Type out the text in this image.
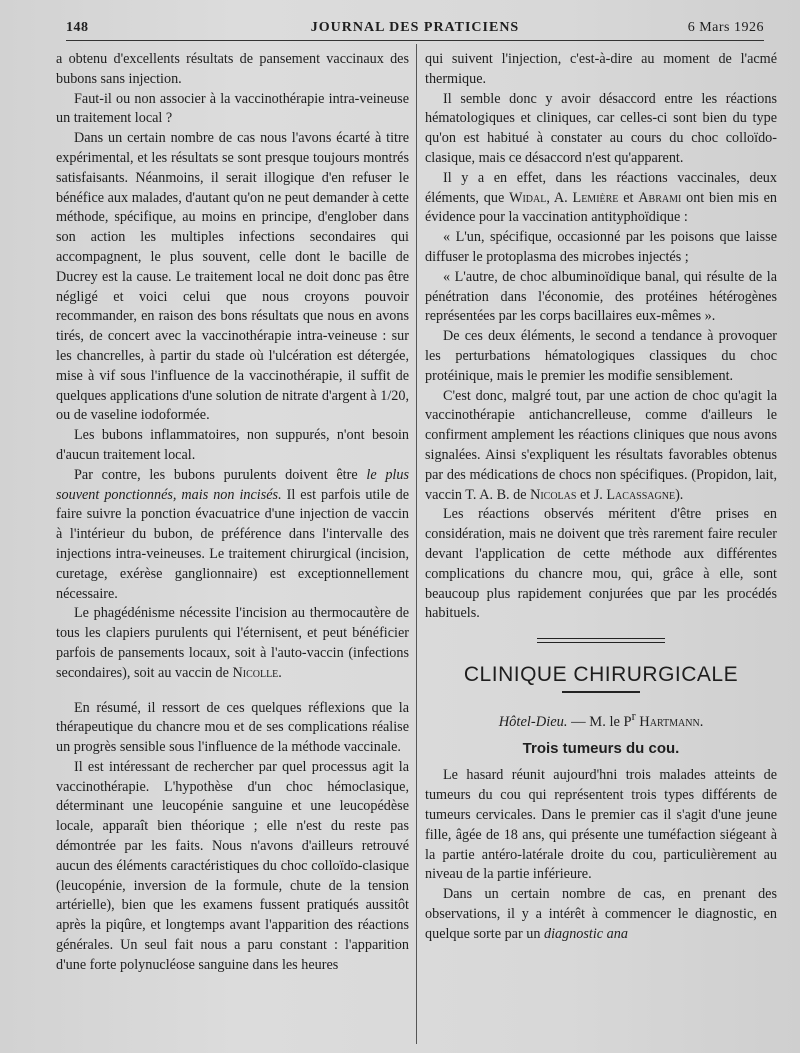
148	JOURNAL DES PRATICIENS	6 Mars 1926

a obtenu d'excellents résultats de pansement vaccinaux des bubons sans injection.

Faut-il ou non associer à la vaccinothérapie intra-veineuse un traitement local ?

Dans un certain nombre de cas nous l'avons écarté à titre expérimental, et les résultats se sont presque toujours montrés satisfaisants. Néanmoins, il serait illogique d'en refuser le bénéfice aux malades, d'autant qu'on ne peut demander à cette méthode, spécifique, au moins en principe, d'englober dans son action les multiples infections secondaires qui accompagnent, le plus souvent, celle dont le bacille de Ducrey est la cause. Le traitement local ne doit donc pas être négligé et voici celui que nous croyons pouvoir recommander, en raison des bons résultats que nous en avons tirés, de concert avec la vaccinothérapie intra-veineuse : sur les chancrelles, à partir du stade où l'ulcération est détergée, mise à vif sous l'influence de la vaccinothérapie, il suffit de quelques applications d'une solution de nitrate d'argent à 1/20, ou de vaseline iodoformée.

Les bubons inflammatoires, non suppurés, n'ont besoin d'aucun traitement local.

Par contre, les bubons purulents doivent être le plus souvent ponctionnés, mais non incisés. Il est parfois utile de faire suivre la ponction évacuatrice d'une injection de vaccin à l'intérieur du bubon, de préférence dans l'intervalle des injections intra-veineuses. Le traitement chirurgical (incision, curetage, exérèse ganglionnaire) est exceptionnellement nécessaire.

Le phagédénisme nécessite l'incision au thermocautère de tous les clapiers purulents qui l'éternisent, et peut bénéficier parfois de pansements locaux, soit à l'auto-vaccin (infections secondaires), soit au vaccin de Nicolle.

En résumé, il ressort de ces quelques réflexions que la thérapeutique du chancre mou et de ses complications réalise un progrès sensible sous l'influence de la méthode vaccinale.

Il est intéressant de rechercher par quel processus agit la vaccinothérapie. L'hypothèse d'un choc hémoclasique, déterminant une leucopénie sanguine et une leucopédèse locale, apparaît bien théorique ; elle n'est du reste pas démontrée par les faits. Nous n'avons d'ailleurs retrouvé aucun des éléments caractéristiques du choc colloïdo-clasique (leucopénie, inversion de la formule, chute de la tension artérielle), bien que les examens fussent pratiqués aussitôt après la piqûre, et longtemps avant l'apparition des réactions générales. Un seul fait nous a paru constant : l'apparition d'une forte polynucléose sanguine dans les heures

qui suivent l'injection, c'est-à-dire au moment de l'acmé thermique.

Il semble donc y avoir désaccord entre les réactions hématologiques et cliniques, car celles-ci sont bien du type qu'on est habitué à constater au cours du choc colloïdo-clasique, mais ce désaccord n'est qu'apparent.

Il y a en effet, dans les réactions vaccinales, deux éléments, que Widal, A. Lemière et Abrami ont bien mis en évidence pour la vaccination antityphoïdique :

« L'un, spécifique, occasionné par les poisons que laisse diffuser le protoplasma des microbes injectés ;

« L'autre, de choc albuminoïdique banal, qui résulte de la pénétration dans l'économie, des protéines hétérogènes représentées par les corps bacillaires eux-mêmes ».

De ces deux éléments, le second a tendance à provoquer les perturbations hématologiques classiques du choc protéinique, mais le premier les modifie sensiblement.

C'est donc, malgré tout, par une action de choc qu'agit la vaccinothérapie antichancrelleuse, comme d'ailleurs le confirment amplement les réactions cliniques que nous avons signalées. Ainsi s'expliquent les résultats favorables obtenus par des médications de chocs non spécifiques. (Propidon, lait, vaccin T. A. B. de Nicolas et J. Lacassagne).

Les réactions observés méritent d'être prises en considération, mais ne doivent que très rarement faire reculer devant l'application de cette méthode aux différentes complications du chancre mou, qui, grâce à elle, sont beaucoup plus rapidement conjurées que par les procédés habituels.

CLINIQUE CHIRURGICALE
Hôtel-Dieu. — M. le $P^r$ Hartmann.
Trois tumeurs du cou.

Le hasard réunit aujourd'hni trois malades atteints de tumeurs du cou qui représentent trois types différents de tumeurs cervicales. Dans le premier cas il s'agit d'une jeune fille, âgée de 18 ans, qui présente une tuméfaction siégeant à la partie antéro-latérale droite du cou, particulièrement au niveau de la partie inférieure.

Dans un certain nombre de cas, en prenant des observations, il y a intérêt à commencer le diagnostic, en quelque sorte par un diagnostic ana
